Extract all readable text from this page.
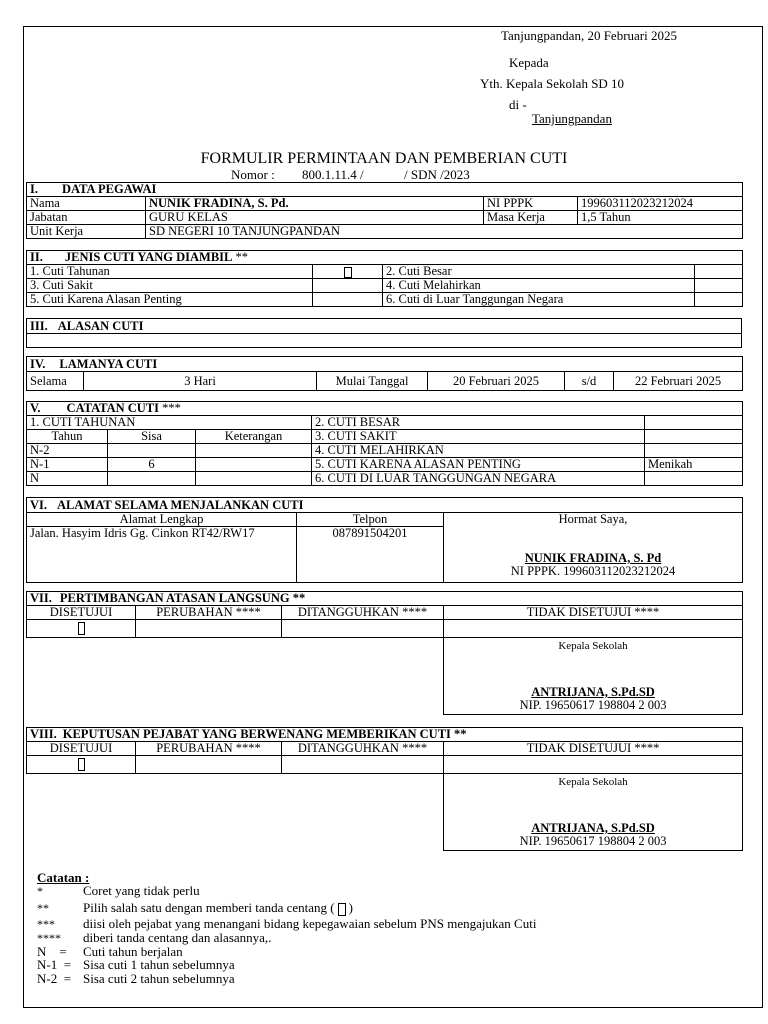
Tanjungpandan, 20 Februari 2025
Kepada
Yth. Kepala Sekolah SD 10
di -
Tanjungpandan
FORMULIR PERMINTAAN DAN PEMBERIAN CUTI
Nomor : 800.1.11.4 /	/ SDN /2023
I. DATA PEGAWAI			
Nama	NUNIK FRADINA, S. Pd.	NI PPPK	199603112023212024
Jabatan	GURU KELAS	Masa Kerja	1,5 Tahun
Unit Kerja	SD NEGERI 10 TANJUNGPANDAN		
II. JENIS CUTI YANG DIAMBIL **			
1. Cuti Tahunan		2. Cuti Besar	
3. Cuti Sakit		4. Cuti Melahirkan	
5. Cuti Karena Alasan Penting		6. Cuti di Luar Tanggungan Negara	
III. ALASAN CUTI

IV. LAMANYA CUTI
Selama	3 Hari	Mulai Tanggal	20 Februari 2025	s/d	22 Februari 2025
V. CATATAN CUTI ***				
1. CUTI TAHUNAN			2. CUTI BESAR	
Tahun	Sisa	Keterangan	3. CUTI SAKIT	
N-2			4. CUTI MELAHIRKAN	
N-1	6		5. CUTI KARENA ALASAN PENTING	Menikah
N			6. CUTI DI LUAR TANGGUNGAN NEGARA	
VI. ALAMAT SELAMA MENJALANKAN CUTI		
Alamat Lengkap	Telpon	Hormat Saya,
NUNIK FRADINA, S. Pd
NI PPPK. 199603112023212024

Jalan. Hasyim Idris Gg. Cinkon RT42/RW17	087891504201	
VII. PERTIMBANGAN ATASAN LANGSUNG **			
DISETUJUI	PERUBAHAN ****	DITANGGUHKAN ****	TIDAK DISETUJUI ****

			Kepala Sekolah
ANTRIJANA, S.Pd.SD
NIP. 19650617 198804 2 003
VIII. KEPUTUSAN PEJABAT YANG BERWENANG MEMBERIKAN CUTI **			
DISETUJUI	PERUBAHAN ****	DITANGGUHKAN ****	TIDAK DISETUJUI ****

			Kepala Sekolah
ANTRIJANA, S.Pd.SD
NIP. 19650617 198804 2 003
Catatan :
*	Coret yang tidak perlu
**	Pilih salah satu dengan memberi tanda centang ( )
*** diisi oleh pejabat yang menangani bidang kepegawaian sebelum PNS mengajukan Cuti
**** diberi tanda centang dan alasannya,.
N    = Cuti tahun berjalan
N-1  = Sisa cuti 1 tahun sebelumnya
N-2  = Sisa cuti 2 tahun sebelumnya
